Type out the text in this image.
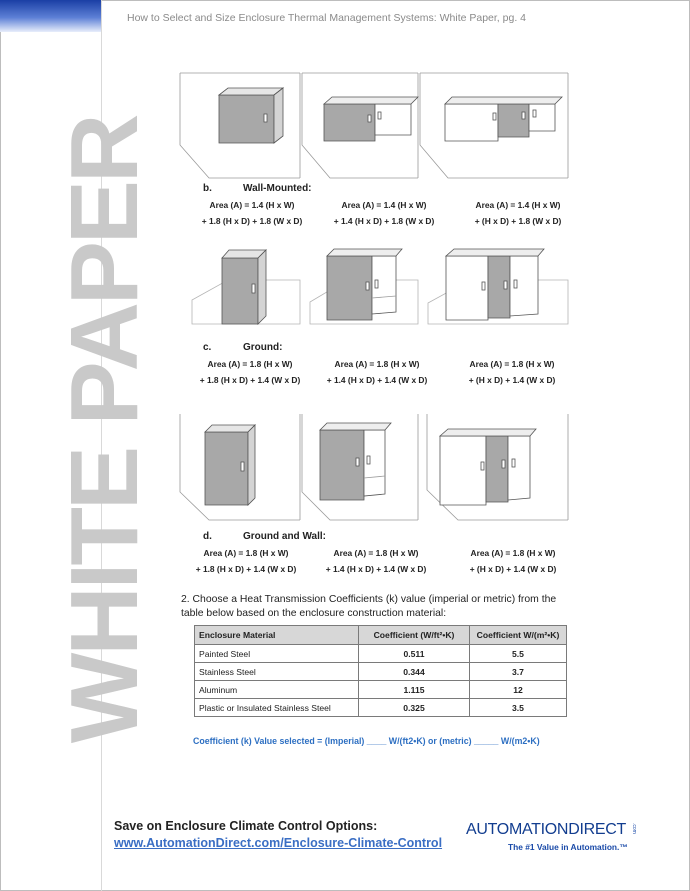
How to Select and Size Enclosure Thermal Management Systems: White Paper, pg. 4
WHITE PAPER	b.	Wall-Mounted:
Area (A) = 1.4 (H x W)
+ 1.8 (H x D) + 1.8 (W x D)
Area (A) = 1.4 (H x W)
+ 1.4 (H x D) + 1.8 (W x D)
Area (A) = 1.4 (H x W)
+ (H x D) + 1.8 (W x D)
c.	Ground:
Area (A) = 1.8 (H x W)
+ 1.8 (H x D) + 1.4 (W x D)
Area (A) = 1.8 (H x W)
+ 1.4 (H x D) + 1.4 (W x D)
Area (A) = 1.8 (H x W)
+ (H x D) + 1.4 (W x D)
d.	Ground and Wall:
Area (A) = 1.8 (H x W)
+ 1.8 (H x D) + 1.4 (W x D)
Area (A) = 1.8 (H x W)
+ 1.4 (H x D) + 1.4 (W x D)
Area (A) = 1.8 (H x W)
+ (H x D) + 1.4 (W x D)
2. Choose a Heat Transmission Coefficients (k) value (imperial or metric) from the table below based on the enclosure construction material:
Enclosure Material	Coefficient (W/ft²•K)	Coefficient W/(m²•K)
Painted Steel	0.511	5.5
Stainless Steel	0.344	3.7
Aluminum	1.115	12
Plastic or Insulated Stainless Steel	0.325	3.5
Coefficient (k) Value selected = (Imperial) ____ W/(ft2•K) or (metric) _____ W/(m2•K)
Save on Enclosure Climate Control Options:
www.AutomationDirect.com/Enclosure-Climate-Control
AUTOMATIONDIRECT .com
The #1 Value in Automation.™
